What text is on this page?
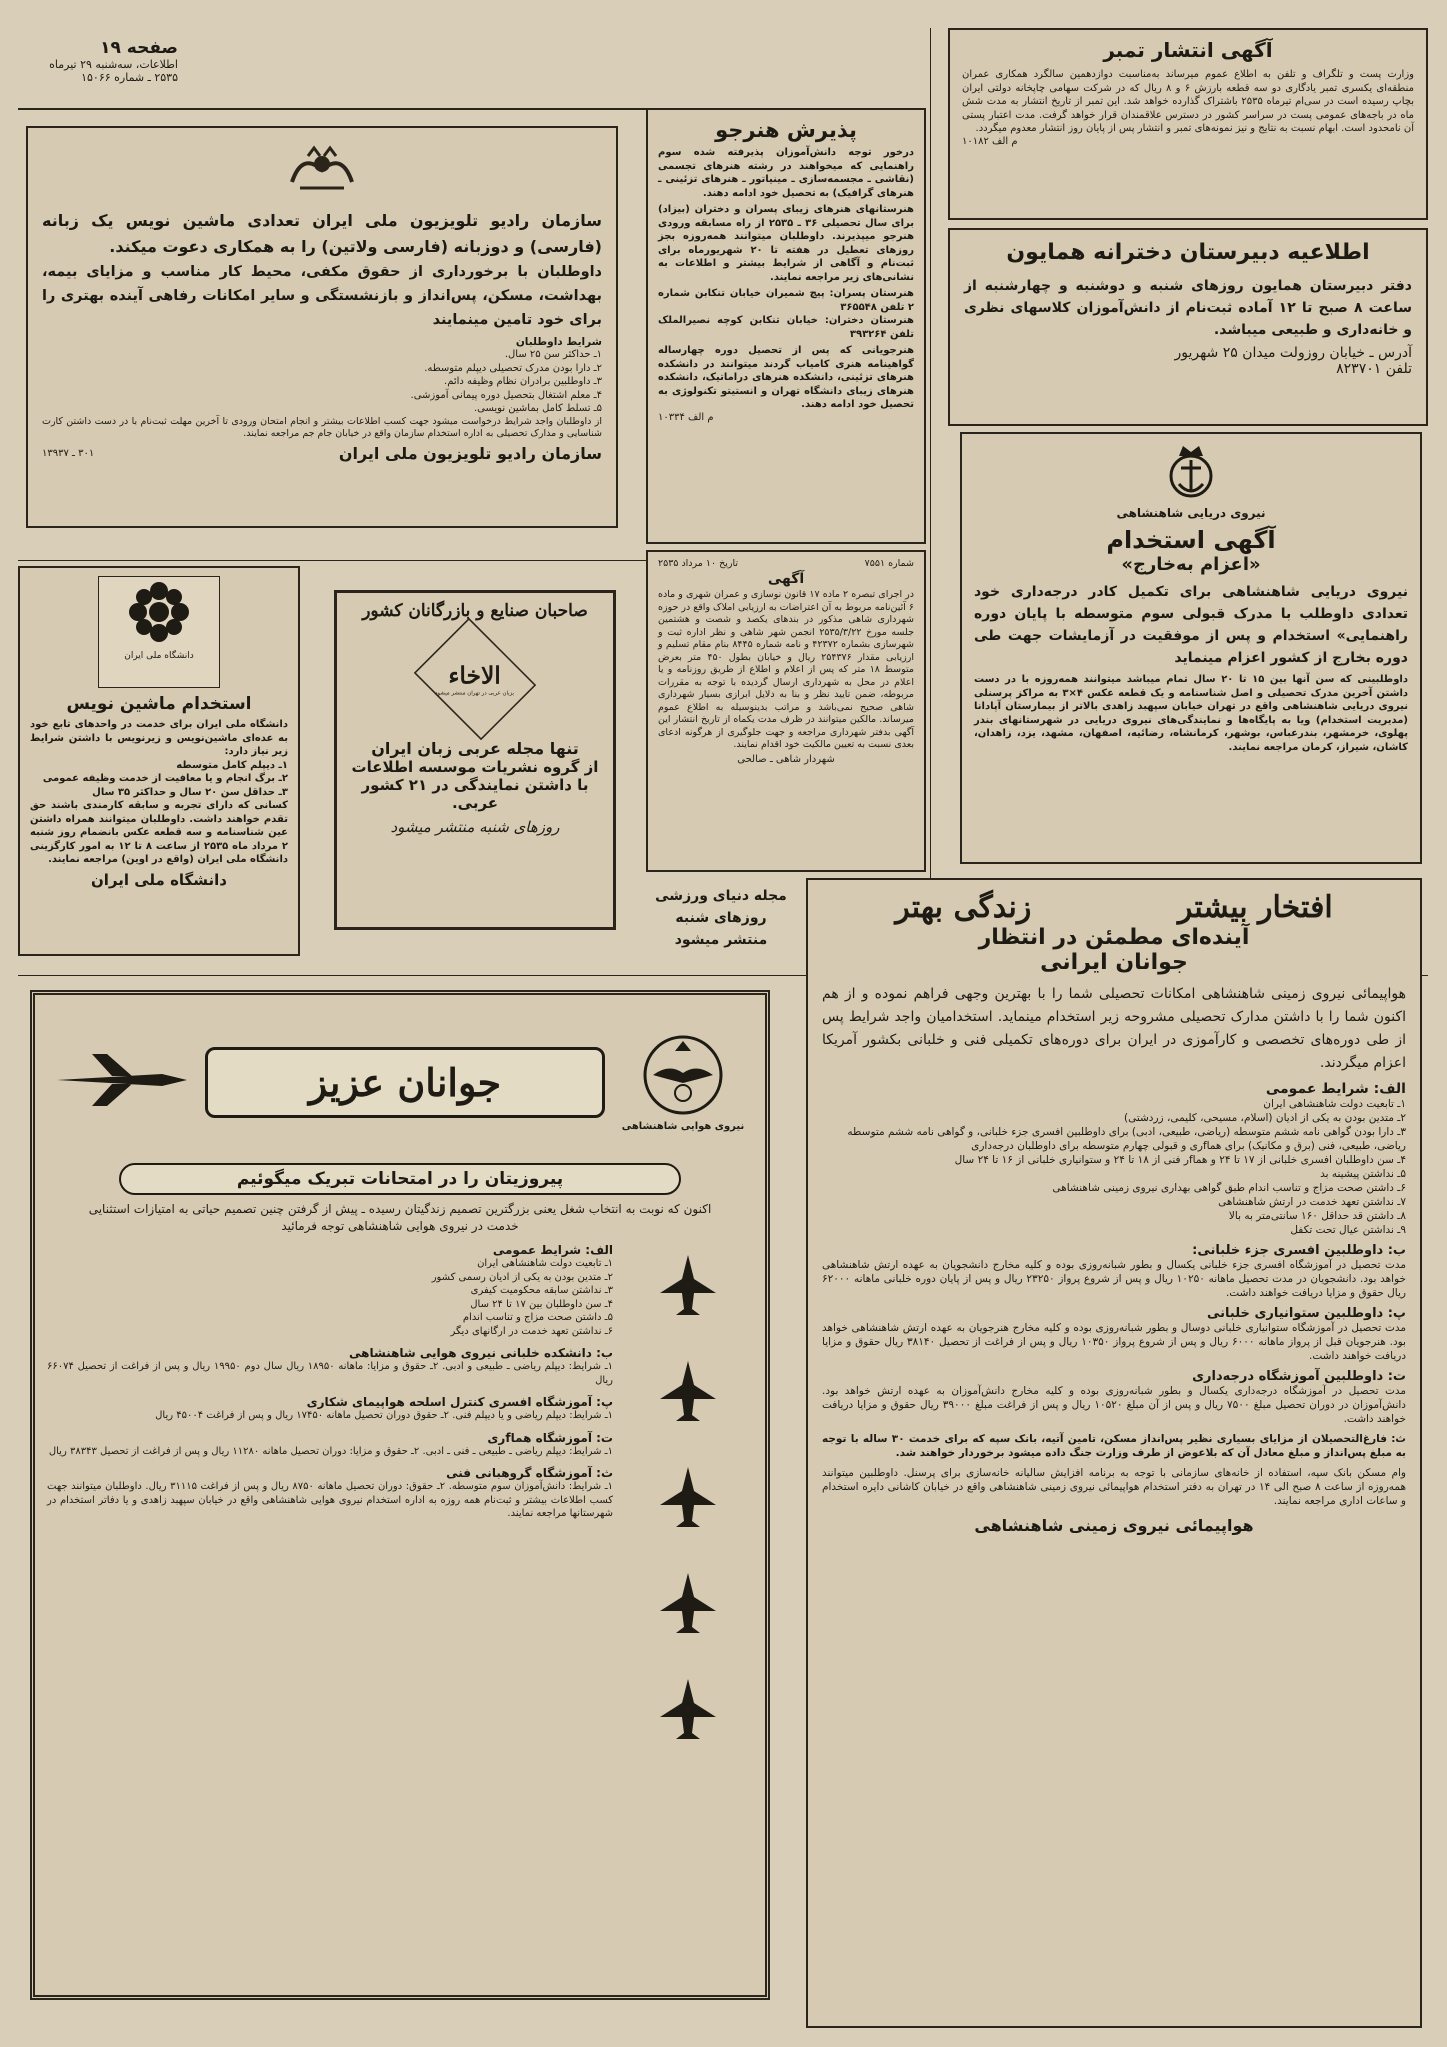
صفحه ۱۹
اطلاعات، سه‌شنبه ۲۹ تیرماه
۲۵۳۵ ـ شماره ۱۵۰۶۶
آگهی انتشار تمبر

وزارت پست و تلگراف و تلفن به اطلاع عموم میرساند به‌مناسبت دوازدهمین سالگرد همکاری عمران منطقه‌ای یکسری تمبر یادگاری دو سه قطعه بارزش ۶ و ۸ ریال که در شرکت سهامی چاپخانه دولتی ایران بچاپ رسیده است در سی‌ام تیرماه ۲۵۳۵ باشتراک گذارده خواهد شد. این تمبر از تاریخ انتشار به مدت شش ماه در باجه‌های عمومی پست در سراسر کشور در دسترس علاقمندان قرار خواهد گرفت. مدت اعتبار پستی آن نامحدود است. ابهام نسبت به نتایج و نیز نمونه‌های تمبر و انتشار پس از پایان روز انتشار معدوم میگردد.

م الف ۱۰۱۸۲
اطلاعیه دبیرستان دخترانه همایون

دفتر دبیرستان همایون روزهای شنبه و دوشنبه و چهارشنبه از ساعت ۸ صبح تا ۱۲ آماده ثبت‌نام از دانش‌آموزان کلاسهای نظری و خانه‌داری و طبیعی میباشد.

آدرس ـ خیابان روزولت میدان ۲۵ شهریور
تلفن ۸۲۳۷۰۱

سازمان رادیو تلویزیون ملی ایران تعدادی ماشین نویس یک زبانه (فارسی) و دوزبانه (فارسی ولاتین) را به همکاری دعوت میکند.

داوطلبان با برخورداری از حقوق مکفی، محیط کار مناسب و مزایای بیمه، بهداشت، مسکن، پس‌انداز و بازنشستگی و سایر امکانات رفاهی آینده بهتری را برای خود تامین مینمایند

شرایط داوطلبان
۱ـ حداکثر سن ۲۵ سال.
۲ـ دارا بودن مدرک تحصیلی دیپلم متوسطه.
۳ـ داوطلبین برادران نظام وظیفه دائم.
۴ـ معلم اشتغال بتحصیل دوره پیمانی آموزشی.
۵ـ تسلط کامل بماشین نویسی.

از داوطلبان واجد شرایط درخواست میشود جهت کسب اطلاعات بیشتر و انجام امتحان ورودی تا آخرین مهلت ثبت‌نام با در دست داشتن کارت شناسایی و مدارک تحصیلی به اداره استخدام سازمان واقع در خیابان جام جم مراجعه نمایند.

سازمان رادیو تلویزیون ملی ایران
۳۰۱ ـ ۱۳۹۳۷
پذیرش هنرجو

درخور توجه دانش‌آموزان پذیرفته شده سوم راهنمایی که میخواهند در رشته هنرهای تجسمی (نقاشی ـ مجسمه‌سازی ـ مینیاتور ـ هنرهای تزئینی ـ هنرهای گرافیک) به تحصیل خود ادامه دهند.

هنرستانهای هنرهای زیبای پسران و دختران (بیزاد) برای سال تحصیلی ۳۶ ـ ۲۵۳۵ از راه مسابقه ورودی هنرجو میپذیرند. داوطلبان میتوانند همه‌روزه بجز روزهای تعطیل در هفته تا ۲۰ شهریورماه برای ثبت‌نام و آگاهی از شرایط بیشتر و اطلاعات به نشانی‌های زیر مراجعه نمایند.

هنرستان پسران: پیچ شمیران خیابان تنکابن شماره ۲ تلفن ۳۶۵۵۴۸

هنرستان دختران: خیابان تنکابن کوچه نصیرالملک تلفن ۳۹۳۲۶۴

هنرجویانی که پس از تحصیل دوره چهارساله گواهینامه هنری کامیاب گردند میتوانند در دانشکده هنرهای تزئینی، دانشکده هنرهای دراماتیک، دانشکده هنرهای زیبای دانشگاه تهران و انستیتو تکنولوژی به تحصیل خود ادامه دهند.

م الف ۱۰۳۳۴
دانشگاه ملی ایران
استخدام ماشین نویس

دانشگاه ملی ایران برای خدمت در واحدهای تابع خود به عده‌ای ماشین‌نویس و زیرنویس با داشتن شرایط زیر نیاز دارد:

۱ـ دیپلم کامل متوسطه
۲ـ برگ انجام و یا معافیت از خدمت وظیفه عمومی
۳ـ حداقل سن ۲۰ سال و حداکثر ۳۵ سال

کسانی که دارای تجربه و سابقه کارمندی باشند حق تقدم خواهند داشت. داوطلبان میتوانند همراه داشتن عین شناسنامه و سه قطعه عکس بانضمام روز شنبه ۲ مرداد ماه ۲۵۳۵ از ساعت ۸ تا ۱۲ به امور کارگزینی دانشگاه ملی ایران (واقع در اوین) مراجعه نمایند.

دانشگاه ملی ایران
صاحبان صنایع و بازرگانان کشور
الاخاء
بزبان عربی در تهران منتشر میشود
تنها مجله عربی زبان ایران
از گروه نشریات موسسه اطلاعات
با داشتن نمایندگی در ۲۱ کشور عربی.
روزهای شنبه منتشر میشود
شماره ۷۵۵۱
تاریخ ۱۰ مرداد ۲۵۳۵
آگهی

در اجرای تبصره ۲ ماده ۱۷ قانون نوسازی و عمران شهری و ماده ۶ آئین‌نامه مربوط به آن اعتراضات به ارزیابی املاک واقع در حوزه شهرداری شاهی مذکور در بندهای یکصد و شصت و هشتمین جلسه مورخ ۲۵۳۵/۳/۲۲ انجمن شهر شاهی و نظر اداره ثبت و شهرسازی بشماره ۴۲۳۷۲ و نامه شماره ۸۴۴۵ بنام مقام تسلیم و ارزیابی مقدار ۲۵۴۳۷۶ ریال و خیابان بطول ۴۵۰ متر بعرض متوسط ۱۸ متر که پس از اعلام و اطلاع از طریق روزنامه و یا اعلام در محل به شهرداری ارسال گردیده با توجه به مقررات مربوطه، ضمن تایید نظر و بنا به دلایل ابرازی بسیار شهرداری شاهی صحیح نمی‌باشد و مراتب بدینوسیله به اطلاع عموم میرساند. مالکین میتوانند در ظرف مدت یکماه از تاریخ انتشار این آگهی بدفتر شهرداری مراجعه و جهت جلوگیری از هرگونه ادعای بعدی نسبت به تعیین مالکیت خود اقدام نمایند.

شهردار شاهی ـ صالحی
مجله دنیای ورزشی
روزهای شنبه
منتشر میشود
نیروی دریایی شاهنشاهی
آگهی استخدام
«اعزام به‌خارج»

نیروی دریایی شاهنشاهی برای تکمیل کادر درجه‌داری خود تعدادی داوطلب با مدرک قبولی سوم متوسطه با پایان دوره راهنمایی» استخدام و پس از موفقیت در آزمایشات جهت طی دوره بخارج از کشور اعزام مینماید

داوطلبینی که سن آنها بین ۱۵ تا ۲۰ سال تمام میباشد میتوانند همه‌روزه با در دست داشتن آخرین مدرک تحصیلی و اصل شناسنامه و یک قطعه عکس ۴×۳ به مراکز پرسنلی نیروی دریایی شاهنشاهی واقع در تهران خیابان سپهبد زاهدی بالاتر از بیمارستان آپادانا (مدیریت استخدام) ویا به پایگاه‌ها و نمایندگی‌های نیروی دریایی در شهرستانهای بندر پهلوی، خرمشهر، بندرعباس، بوشهر، کرمانشاه، رضائیه، اصفهان، مشهد، یزد، زاهدان، کاشان، شیراز، کرمان مراجعه نمایند.

نیروی هوایی شاهنشاهی
جوانان عزیز
پیروزیتان را در امتحانات تبریک میگوئیم

اکنون که نوبت به انتخاب شغل یعنی بزرگترین تصمیم زندگیتان رسیده ـ پیش از گرفتن چنین تصمیم حیاتی به امتیازات استثنایی خدمت در نیروی هوایی شاهنشاهی توجه فرمائید

الف: شرایط عمومی
۱ـ تابعیت دولت شاهنشاهی ایران
۲ـ متدین بودن به یکی از ادیان رسمی کشور
۳ـ نداشتن سابقه محکومیت کیفری
۴ـ سن داوطلبان بین ۱۷ تا ۲۴ سال
۵ـ داشتن صحت مزاج و تناسب اندام
۶ـ نداشتن تعهد خدمت در ارگانهای دیگر
ب: دانشکده خلبانی نیروی هوایی شاهنشاهی

۱ـ شرایط: دیپلم ریاضی ـ طبیعی و ادبی. ۲ـ حقوق و مزایا: ماهانه ۱۸۹۵۰ ریال سال دوم ۱۹۹۵۰ ریال و پس از فراغت از تحصیل ۶۶۰۷۴ ریال

پ: آموزشگاه افسری کنترل اسلحه هواپیمای شکاری

۱ـ شرایط: دیپلم ریاضی و یا دیپلم فنی. ۲ـ حقوق دوران تحصیل ماهانه ۱۷۴۵۰ ریال و پس از فراغت ۴۵۰۰۴ ریال

ت: آموزشگاه هماfری

۱ـ شرایط: دیپلم ریاضی ـ طبیعی ـ فنی ـ ادبی. ۲ـ حقوق و مزایا: دوران تحصیل ماهانه ۱۱۲۸۰ ریال و پس از فراغت از تحصیل ۳۸۳۴۳ ریال

ث: آموزشگاه گروهبانی فنی

۱ـ شرایط: دانش‌آموزان سوم متوسطه. ۲ـ حقوق: دوران تحصیل ماهانه ۸۷۵۰ ریال و پس از فراغت ۳۱۱۱۵ ریال. داوطلبان میتوانند جهت کسب اطلاعات بیشتر و ثبت‌نام همه روزه به اداره استخدام نیروی هوایی شاهنشاهی واقع در خیابان سپهبد زاهدی و یا دفاتر استخدام در شهرستانها مراجعه نمایند.

افتخار بیشتر
زندگی بهتر
آینده‌ای مطمئن در انتظار
جوانان ایرانی

هواپیمائی نیروی زمینی شاهنشاهی امکانات تحصیلی شما را با بهترین وجهی فراهم نموده و از هم اکنون شما را با داشتن مدارک تحصیلی مشروحه زیر استخدام مینماید. استخدامیان واجد شرایط پس از طی دوره‌های تخصصی و کارآموزی در ایران برای دوره‌های تکمیلی فنی و خلبانی بکشور آمریکا اعزام میگردند.

الف: شرایط عمومی
۱ـ تابعیت دولت شاهنشاهی ایران
۲ـ متدین بودن به یکی از ادیان (اسلام، مسیحی، کلیمی، زردشتی)
۳ـ دارا بودن گواهی نامه ششم متوسطه (ریاضی، طبیعی، ادبی) برای داوطلبین افسری جزء خلبانی، و گواهی نامه ششم متوسطه ریاضی، طبیعی، فنی (برق و مکانیک) برای هماfری و قبولی چهارم متوسطه برای داوطلبان درجه‌داری
۴ـ سن داوطلبان افسری خلبانی از ۱۷ تا ۲۴ و هماfر فنی از ۱۸ تا ۲۴ و ستوانیاری خلبانی از ۱۶ تا ۲۴ سال
۵ـ نداشتن پیشینه بد
۶ـ داشتن صحت مزاج و تناسب اندام طبق گواهی بهداری نیروی زمینی شاهنشاهی
۷ـ نداشتن تعهد خدمت در ارتش شاهنشاهی
۸ـ داشتن قد حداقل ۱۶۰ سانتی‌متر به بالا
۹ـ نداشتن عیال تحت تکفل
ب: داوطلبین افسری جزء خلبانی:

مدت تحصیل در آموزشگاه افسری جزء خلبانی یکسال و بطور شبانه‌روزی بوده و کلیه مخارج دانشجویان به عهده ارتش شاهنشاهی خواهد بود. دانشجویان در مدت تحصیل ماهانه ۱۰۲۵۰ ریال و پس از شروع پرواز ۲۳۲۵۰ ریال و پس از پایان دوره خلبانی ماهانه ۶۲۰۰۰ ریال حقوق و مزایا دریافت خواهند داشت.

پ: داوطلبین ستوانیاری خلبانی

مدت تحصیل در آموزشگاه ستوانیاری خلبانی دوسال و بطور شبانه‌روزی بوده و کلیه مخارج هنرجویان به عهده ارتش شاهنشاهی خواهد بود. هنرجویان قبل از پرواز ماهانه ۶۰۰۰ ریال و پس از شروع پرواز ۱۰۳۵۰ ریال و پس از فراغت از تحصیل ۳۸۱۴۰ ریال حقوق و مزایا دریافت خواهند داشت.

ت: داوطلبین آموزشگاه درجه‌داری

مدت تحصیل در آموزشگاه درجه‌داری یکسال و بطور شبانه‌روزی بوده و کلیه مخارج دانش‌آموزان به عهده ارتش خواهد بود. دانش‌آموزان در دوران تحصیل مبلغ ۷۵۰۰ ریال و پس از آن مبلغ ۱۰۵۲۰ ریال و پس از فراغت مبلغ ۳۹۰۰۰ ریال حقوق و مزایا دریافت خواهند داشت.

ث: فارغ‌التحصیلان از مزایای بسیاری نظیر پس‌انداز مسکن، تامین آتیه، بانک سپه که برای خدمت ۳۰ ساله با توجه به مبلغ پس‌انداز و مبلغ معادل آن که بلاعوض از طرف وزارت جنگ داده میشود برخوردار خواهند شد.

وام مسکن بانک سپه، استفاده از خانه‌های سازمانی با توجه به برنامه افزایش سالیانه خانه‌سازی برای پرسنل. داوطلبین میتوانند همه‌روزه از ساعت ۸ صبح الی ۱۴ در تهران به دفتر استخدام هواپیمائی نیروی زمینی شاهنشاهی واقع در خیابان کاشانی دایره استخدام و ساعات اداری مراجعه نمایند.

هواپیمائی نیروی زمینی شاهنشاهی
